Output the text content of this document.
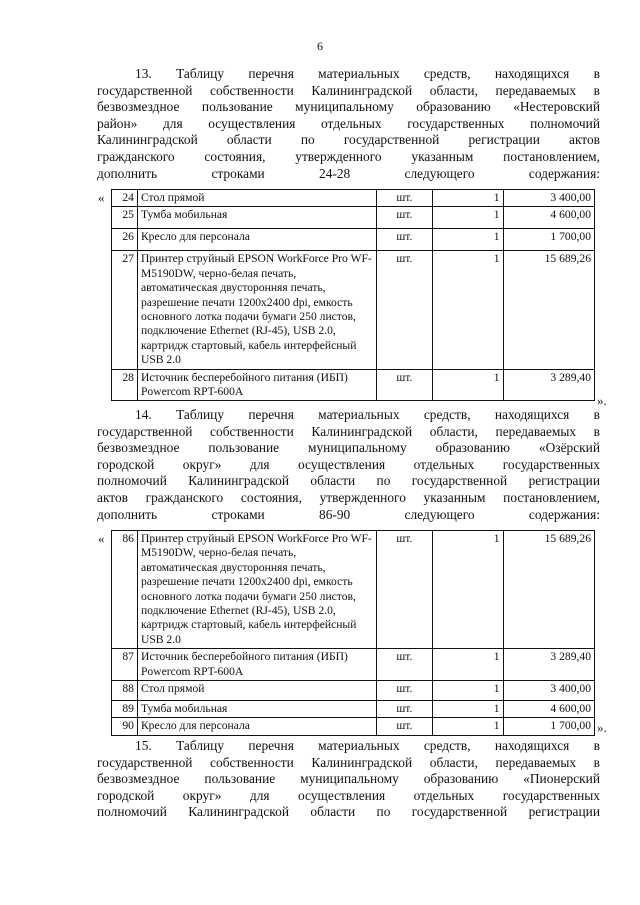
6
13. Таблицу перечня материальных средств, находящихся в
государственной собственности Калининградской области, передаваемых в
безвозмездное пользование муниципальному образованию «Нестеровский
район» для осуществления отдельных государственных полномочий
Калининградской области по государственной регистрации актов
гражданского состояния, утвержденного указанным постановлением,
дополнить строками 24-28 следующего содержания:
« 24	Стол прямой	шт.	1	3 400,00
25	Тумба мобильная	шт.	1	4 600,00
26	Кресло для персонала	шт.	1	1 700,00
27	Принтер струйный EPSON WorkForce Pro WF-M5190DW, черно-белая печать, автоматическая двусторонняя печать, разрешение печати 1200x2400 dpi, емкость основного лотка подачи бумаги 250 листов, подключение Ethernet (RJ-45), USB 2.0, картридж стартовый, кабель интерфейсный USB 2.0	шт.	1	15 689,26
28	Источник бесперебойного питания (ИБП) Powercom RPT-600A	шт.	1	3 289,40
».
14. Таблицу перечня материальных средств, находящихся в
государственной собственности Калининградской области, передаваемых в
безвозмездное пользование муниципальному образованию «Озёрский
городской округ» для осуществления отдельных государственных
полномочий Калининградской области по государственной регистрации
актов гражданского состояния, утвержденного указанным постановлением,
дополнить строками 86-90 следующего содержания:
« 86	Принтер струйный EPSON WorkForce Pro WF-M5190DW, черно-белая печать, автоматическая двусторонняя печать, разрешение печати 1200x2400 dpi, емкость основного лотка подачи бумаги 250 листов, подключение Ethernet (RJ-45), USB 2.0, картридж стартовый, кабель интерфейсный USB 2.0	шт.	1	15 689,26
87	Источник бесперебойного питания (ИБП) Powercom RPT-600A	шт.	1	3 289,40
88	Стол прямой	шт.	1	3 400,00
89	Тумба мобильная	шт.	1	4 600,00
90	Кресло для персонала	шт.	1	1 700,00 ».
15. Таблицу перечня материальных средств, находящихся в
государственной собственности Калининградской области, передаваемых в
безвозмездное пользование муниципальному образованию «Пионерский
городской округ» для осуществления отдельных государственных
полномочий Калининградской области по государственной регистрации
